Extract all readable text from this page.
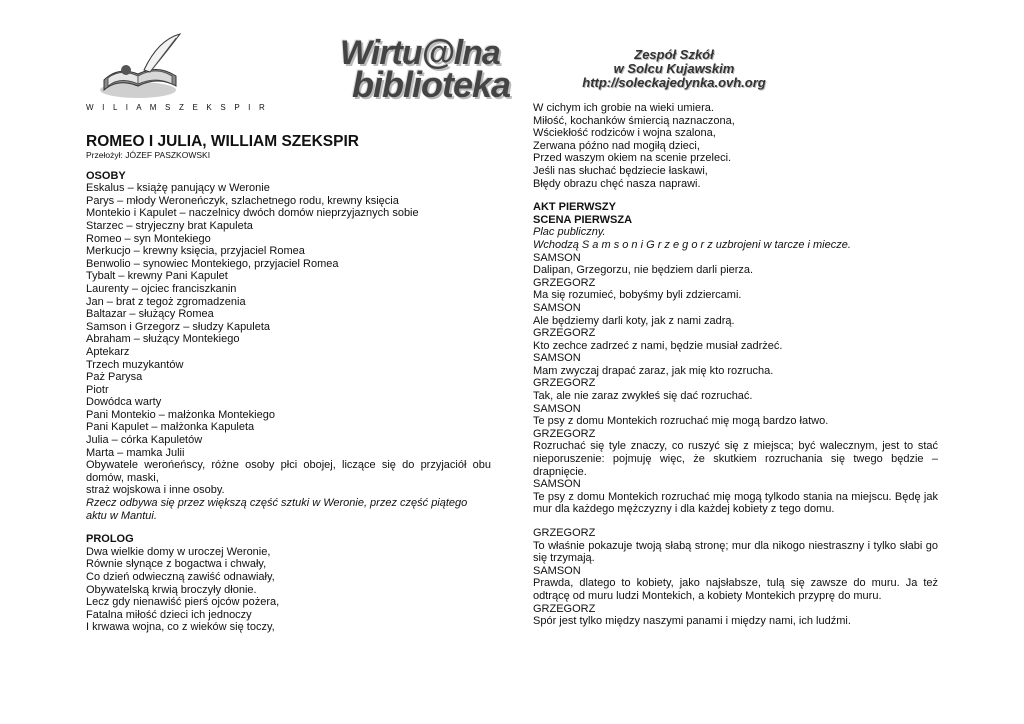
Wirtu@lna
biblioteka
Zespół Szkół
w Solcu Kujawskim
http://soleckajedynka.ovh.org
W I L I A M S Z E K S P I R
ROMEO I JULIA, WILLIAM SZEKSPIR
Przełożył: JÓZEF PASZKOWSKI
OSOBY
Eskalus – książę panujący w Weronie
Parys – młody Weroneńczyk, szlachetnego rodu, krewny księcia
Montekio i Kapulet – naczelnicy dwóch domów nieprzyjaznych sobie
Starzec – stryjeczny brat Kapuleta
Romeo – syn Montekiego
Merkucjo – krewny księcia, przyjaciel Romea
Benwolio – synowiec Montekiego, przyjaciel Romea
Tybalt – krewny Pani Kapulet
Laurenty – ojciec franciszkanin
Jan – brat z tegoż zgromadzenia
Baltazar – służący Romea
Samson i Grzegorz – słudzy Kapuleta
Abraham – służący Montekiego
Aptekarz
Trzech muzykantów
Paż Parysa
Piotr
Dowódca warty
Pani Montekio – małżonka Montekiego
Pani Kapulet – małżonka Kapuleta
Julia – córka Kapuletów
Marta – mamka Julii
Obywatele werońeńscy, różne osoby płci obojej, liczące się do przyjaciół obu domów, maski,
straż wojskowa i inne osoby.
Rzecz odbywa się przez większą część sztuki w Weronie, przez część piątego aktu w Mantui.
PROLOG
Dwa wielkie domy w uroczej Weronie,
Równie słynące z bogactwa i chwały,
Co dzień odwieczną zawiść odnawiały,
Obywatelską krwią broczyły dłonie.
Lecz gdy nienawiść pierś ojców pożera,
Fatalna miłość dzieci ich jednoczy
I krwawa wojna, co z wieków się toczy,
W cichym ich grobie na wieki umiera.
Miłość, kochanków śmiercią naznaczona,
Wściekłość rodziców i wojna szalona,
Zerwana późno nad mogiłą dzieci,
Przed waszym okiem na scenie przeleci.
Jeśli nas słuchać będziecie łaskawi,
Błędy obrazu chęć nasza naprawi.
AKT PIERWSZY
SCENA PIERWSZA
Plac publiczny.
Wchodzą S a m s o n i G r z e g o r z uzbrojeni w tarcze i miecze.
SAMSON
Dalipan, Grzegorzu, nie będziem darli pierza.
GRZEGORZ
Ma się rozumieć, bobyśmy byli zdziercami.
SAMSON
Ale będziemy darli koty, jak z nami zadrą.
GRZEGORZ
Kto zechce zadrzeć z nami, będzie musiał zadrżeć.
SAMSON
Mam zwyczaj drapać zaraz, jak mię kto rozrucha.
GRZEGORZ
Tak, ale nie zaraz zwykłeś się dać rozruchać.
SAMSON
Te psy z domu Montekich rozruchać mię mogą bardzo łatwo.
GRZEGORZ
Rozruchać się tyle znaczy, co ruszyć się z miejsca; być walecznym, jest to stać nieporuszenie: pojmuję więc, że skutkiem rozruchania się twego będzie – drapnięcie.
SAMSON
Te psy z domu Montekich rozruchać mię mogą tylkodo stania na miejscu. Będę jak mur dla każdego mężczyzny i dla każdej kobiety z tego domu.
GRZEGORZ
To właśnie pokazuje twoją słabą stronę; mur dla nikogo niestraszny i tylko słabi go się trzymają.
SAMSON
Prawda, dlatego to kobiety, jako najsłabsze, tulą się zawsze do muru. Ja też odtrącę od muru ludzi Montekich, a kobiety Montekich przyprę do muru.
GRZEGORZ
Spór jest tylko między naszymi panami i między nami, ich ludźmi.
